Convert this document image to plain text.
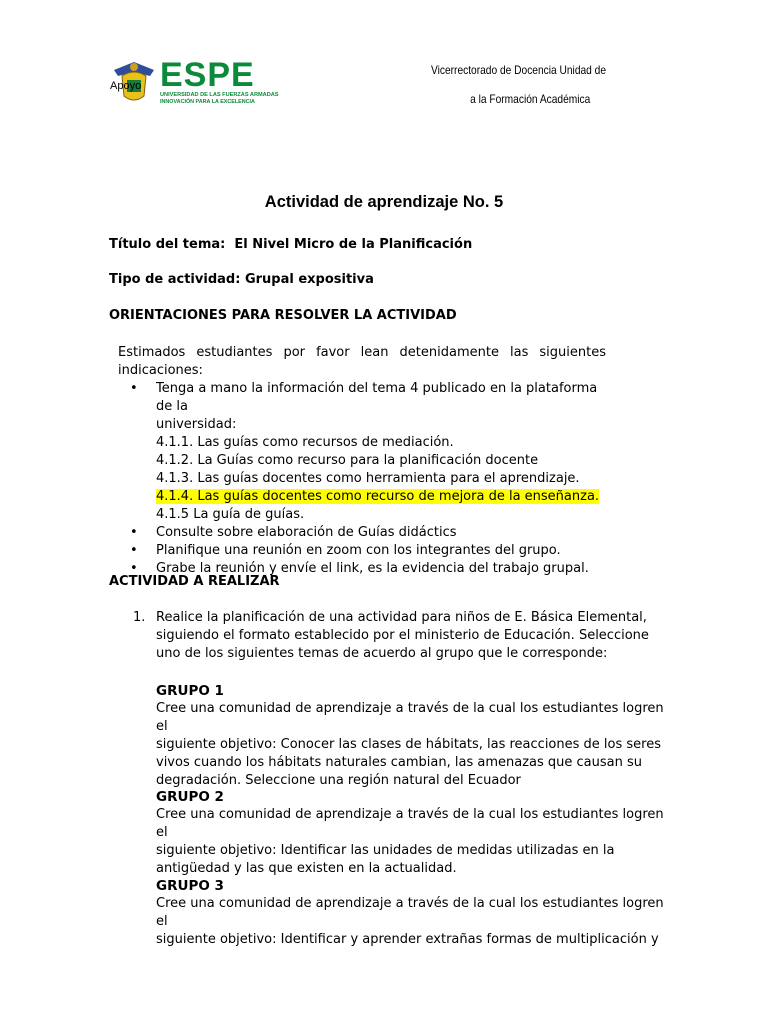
ESPE
UNIVERSIDAD DE LAS FUERZAS ARMADAS
INNOVACIÓN PARA LA EXCELENCIA
Apoyo
Vicerrectorado de Docencia Unidad de
a la Formación Académica
Actividad de aprendizaje No. 5
Título del tema: El Nivel Micro de la Planificación
Tipo de actividad: Grupal expositiva
ORIENTACIONES PARA RESOLVER LA ACTIVIDAD
Estimados estudiantes por favor lean detenidamente las siguientes
indicaciones:
• Tenga a mano la información del tema 4 publicado en la plataforma de la
universidad:
4.1.1. Las guías como recursos de mediación.
4.1.2. La Guías como recurso para la planificación docente
4.1.3. Las guías docentes como herramienta para el aprendizaje.
4.1.4. Las guías docentes como recurso de mejora de la enseñanza.
4.1.5 La guía de guías.
• Consulte sobre elaboración de Guías didáctics
• Planifique una reunión en zoom con los integrantes del grupo.
• Grabe la reunión y envíe el link, es la evidencia del trabajo grupal.
ACTIVIDAD A REALIZAR
1. Realice la planificación de una actividad para niños de E. Básica Elemental,
siguiendo el formato establecido por el ministerio de Educación. Seleccione
uno de los siguientes temas de acuerdo al grupo que le corresponde:
GRUPO 1
Cree una comunidad de aprendizaje a través de la cual los estudiantes logren el
siguiente objetivo: Conocer las clases de hábitats, las reacciones de los seres
vivos cuando los hábitats naturales cambian, las amenazas que causan su
degradación. Seleccione una región natural del Ecuador
GRUPO 2
Cree una comunidad de aprendizaje a través de la cual los estudiantes logren el
siguiente objetivo: Identificar las unidades de medidas utilizadas en la
antigüedad y las que existen en la actualidad.
GRUPO 3
Cree una comunidad de aprendizaje a través de la cual los estudiantes logren el
siguiente objetivo: Identificar y aprender extrañas formas de multiplicación y
